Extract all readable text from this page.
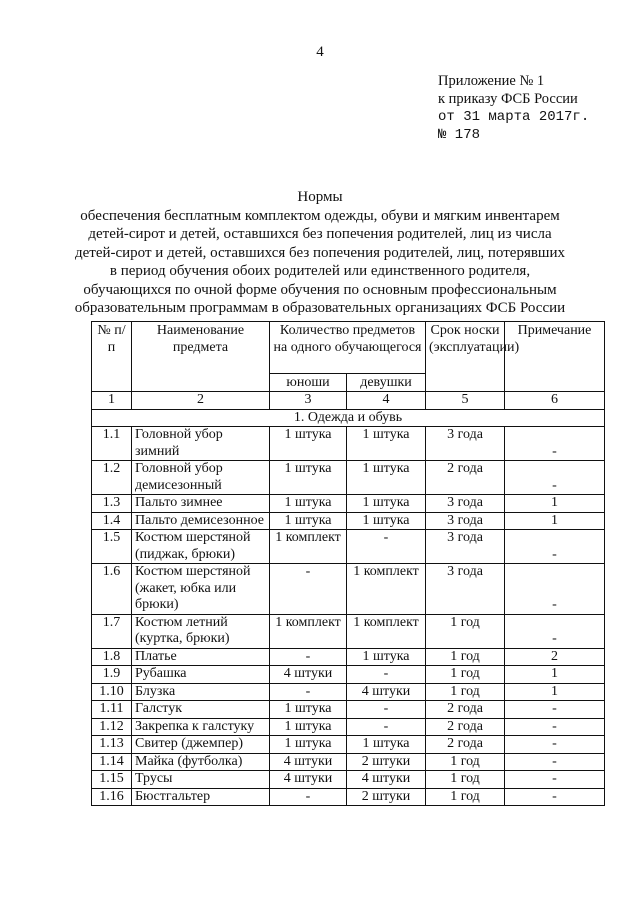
4
Приложение № 1
к приказу ФСБ России
от 31 марта 2017г.
№ 178
Нормы
обеспечения бесплатным комплектом одежды, обуви и мягким инвентарем
детей-сирот и детей, оставшихся без попечения родителей, лиц из числа
детей-сирот и детей, оставшихся без попечения родителей, лиц, потерявших
в период обучения обоих родителей или единственного родителя,
обучающихся по очной форме обучения по основным профессиональным
образовательным программам в образовательных организациях ФСБ России
№ п/п	Наименование предмета	Количество предметов на одного обучающегося		Срок носки (эксплуатации)	Примечание
		юноши	девушки		
1	2	3	4	5	6
1. Одежда и обувь					
1.1	Головной убор зимний	1 штука	1 штука	3 года	-
1.2	Головной убор демисезонный	1 штука	1 штука	2 года	-
1.3	Пальто зимнее	1 штука	1 штука	3 года	1
1.4	Пальто демисезонное	1 штука	1 штука	3 года	1
1.5	Костюм шерстяной (пиджак, брюки)	1 комплект	-	3 года	-
1.6	Костюм шерстяной (жакет, юбка или брюки)	-	1 комплект	3 года	-
1.7	Костюм летний (куртка, брюки)	1 комплект	1 комплект	1 год	-
1.8	Платье	-	1 штука	1 год	2
1.9	Рубашка	4 штуки	-	1 год	1
1.10	Блузка	-	4 штуки	1 год	1
1.11	Галстук	1 штука	-	2 года	-
1.12	Закрепка к галстуку	1 штука	-	2 года	-
1.13	Свитер (джемпер)	1 штука	1 штука	2 года	-
1.14	Майка (футболка)	4 штуки	2 штуки	1 год	-
1.15	Трусы	4 штуки	4 штуки	1 год	-
1.16	Бюстгальтер	-	2 штуки	1 год	-
